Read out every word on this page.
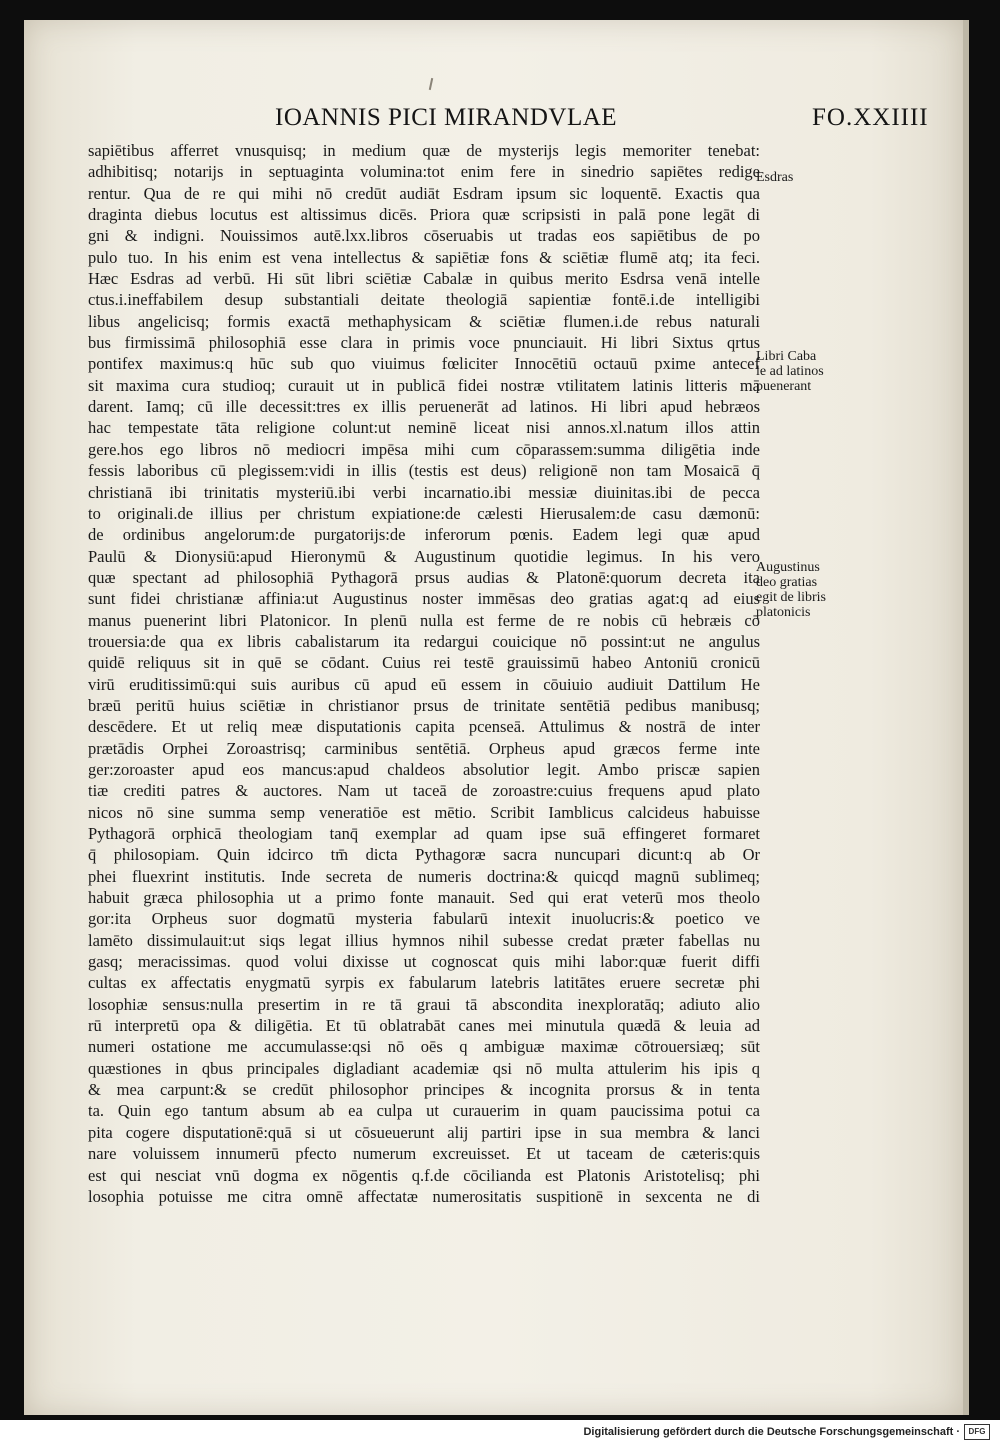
IOANNIS PICI MIRANDVLAE	FO.XXIIII
sapiētibus afferret vnusquisq; in medium quæ de mysterijs legis memoriter tenebat:
adhibitisq; notarijs in septuaginta volumina:tot enim fere in sinedrio sapiētes redige
rentur. Qua de re qui mihi nō credūt audiāt Esdram ipsum sic loquentē. Exactis qua
draginta diebus locutus est altissimus dicēs. Priora quæ scripsisti in palā pone legāt di
gni & indigni. Nouissimos autē.lxx.libros cōseruabis ut tradas eos sapiētibus de po
pulo tuo. In his enim est vena intellectus & sapiētiæ fons & sciētiæ flumē atq; ita feci.
Hæc Esdras ad verbū. Hi sūt libri sciētiæ Cabalæ in quibus merito Esdrsa venā intelle
ctus.i.ineffabilem desup substantiali deitate theologiā sapientiæ fontē.i.de intelligibi
libus angelicisq; formis exactā methaphysicam & sciētiæ flumen.i.de rebus naturali
bus firmissimā philosophiā esse clara in primis voce pnunciauit. Hi libri Sixtus qrtus
pontifex maximus:q hūc sub quo viuimus fœliciter Innocētiū octauū pxime antecef
sit maxima cura studioq; curauit ut in publicā fidei nostræ vtilitatem latinis litteris mā
darent. Iamq; cū ille decessit:tres ex illis peruenerāt ad latinos. Hi libri apud hebræos
hac tempestate tāta religione colunt:ut neminē liceat nisi annos.xl.natum illos attin
gere.hos ego libros nō mediocri impēsa mihi cum cōparassem:summa diligētia inde
fessis laboribus cū plegissem:vidi in illis (testis est deus) religionē non tam Mosaicā q̄
christianā ibi trinitatis mysteriū.ibi verbi incarnatio.ibi messiæ diuinitas.ibi de pecca
to originali.de illius per christum expiatione:de cælesti Hierusalem:de casu dæmonū:
de ordinibus angelorum:de purgatorijs:de inferorum pœnis. Eadem legi quæ apud
Paulū & Dionysiū:apud Hieronymū & Augustinum quotidie legimus. In his vero
quæ spectant ad philosophiā Pythagorā prsus audias & Platonē:quorum decreta ita
sunt fidei christianæ affinia:ut Augustinus noster immēsas deo gratias agat:q ad eius
manus puenerint libri Platonicor. In plenū nulla est ferme de re nobis cū hebræis cō
trouersia:de qua ex libris cabalistarum ita redargui couicique nō possint:ut ne angulus
quidē reliquus sit in quē se cōdant. Cuius rei testē grauissimū habeo Antoniū cronicū
virū eruditissimū:qui suis auribus cū apud eū essem in cōuiuio audiuit Dattilum He
bræū peritū huius sciētiæ in christianor prsus de trinitate sentētiā pedibus manibusq;
descēdere. Et ut reliq meæ disputationis capita pcenseā. Attulimus & nostrā de inter
prætādis Orphei Zoroastrisq; carminibus sentētiā. Orpheus apud græcos ferme inte
ger:zoroaster apud eos mancus:apud chaldeos absolutior legit. Ambo priscæ sapien
tiæ crediti patres & auctores. Nam ut taceā de zoroastre:cuius frequens apud plato
nicos nō sine summa semp veneratiōe est mētio. Scribit Iamblicus calcideus habuisse
Pythagorā orphicā theologiam tanq̄ exemplar ad quam ipse suā effingeret formaret
q̄ philosopiam. Quin idcirco tm̄ dicta Pythagoræ sacra nuncupari dicunt:q ab Or
phei fluexrint institutis. Inde secreta de numeris doctrina:& quicqd magnū sublimeq;
habuit græca philosophia ut a primo fonte manauit. Sed qui erat veterū mos theolo
gor:ita Orpheus suor dogmatū mysteria fabularū intexit inuolucris:& poetico ve
lamēto dissimulauit:ut siqs legat illius hymnos nihil subesse credat præter fabellas nu
gasq; meracissimas. quod volui dixisse ut cognoscat quis mihi labor:quæ fuerit diffi
cultas ex affectatis enygmatū syrpis ex fabularum latebris latitātes eruere secretæ phi
losophiæ sensus:nulla presertim in re tā graui tā abscondita inexploratāq; adiuto alio
rū interpretū opa & diligētia. Et tū oblatrabāt canes mei minutula quædā & leuia ad
numeri ostatione me accumulasse:qsi nō oēs q ambiguæ maximæ cōtrouersiæq; sūt
quæstiones in qbus principales digladiant academiæ qsi nō multa attulerim his ipis q
& mea carpunt:& se credūt philosophor principes & incognita prorsus & in tenta
ta. Quin ego tantum absum ab ea culpa ut curauerim in quam paucissima potui ca
pita cogere disputationē:quā si ut cōsueuerunt alij partiri ipse in sua membra & lanci
nare voluissem innumerū pfecto numerum excreuisset. Et ut taceam de cæteris:quis
est qui nesciat vnū dogma ex nōgentis q.f.de cōcilianda est Platonis Aristotelisq; phi
losophia potuisse me citra omnē affectatæ numerositatis suspitionē in sexcenta ne di
Esdras
Libri Caba
le ad latinos
puenerant
Augustinus
deo gratias
egit de libris
platonicis
Digitalisierung gefördert durch die Deutsche Forschungsgemeinschaft ·	DFG
